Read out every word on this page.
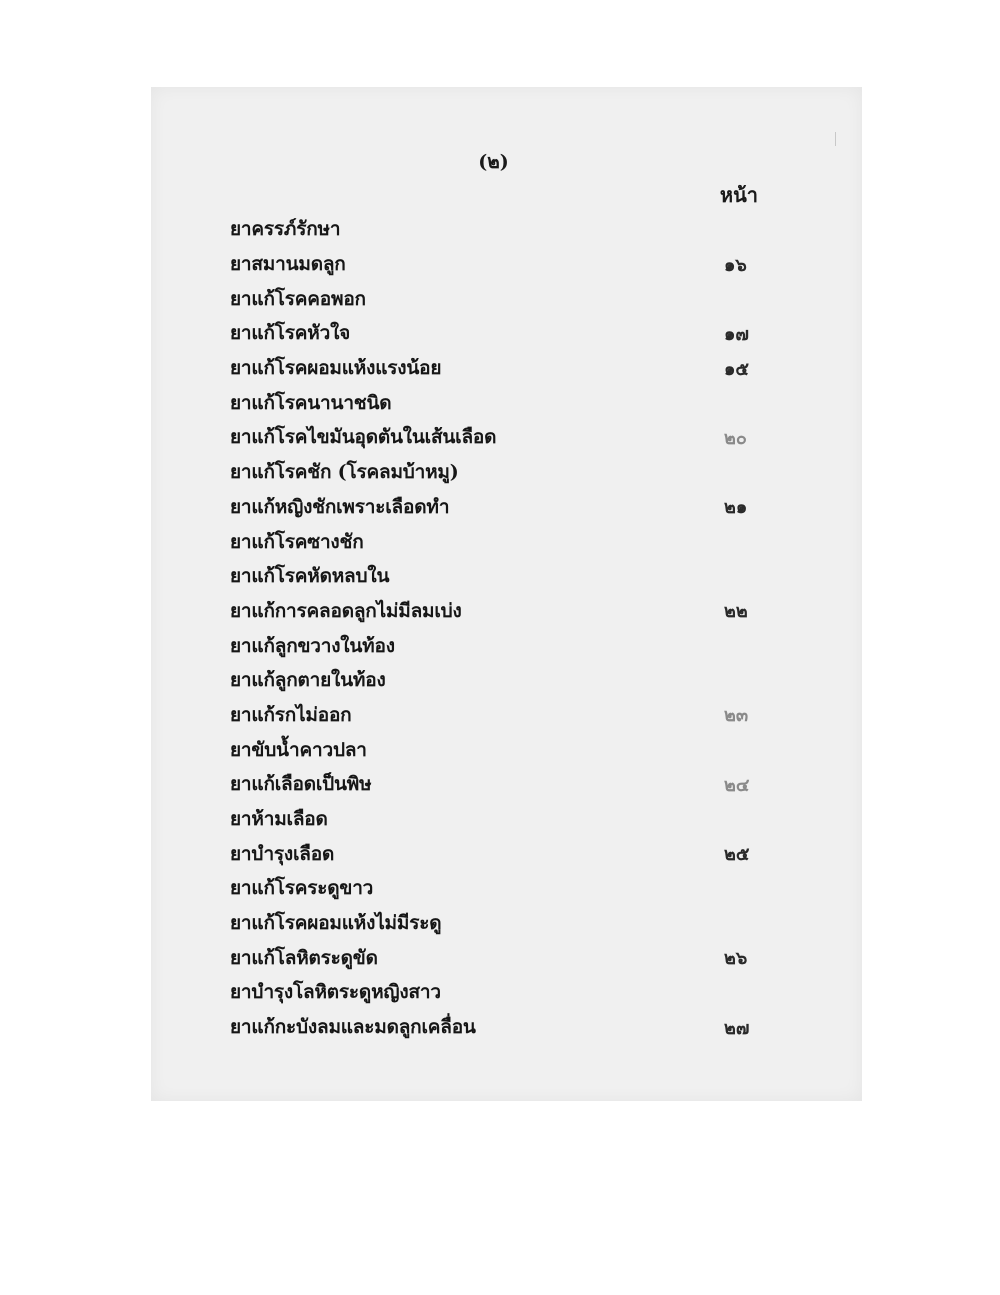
(๒)
หน้า
ยาครรภ์รักษา
ยาสมานมดลูก	๑๖
ยาแก้โรคคอพอก
ยาแก้โรคหัวใจ	๑๗
ยาแก้โรคผอมแห้งแรงน้อย	๑๕
ยาแก้โรคนานาชนิด
ยาแก้โรคไขมันอุดตันในเส้นเลือด	๒๐
ยาแก้โรคชัก (โรคลมบ้าหมู)
ยาแก้หญิงชักเพราะเลือดทำ	๒๑
ยาแก้โรคซางชัก
ยาแก้โรคหัดหลบใน
ยาแก้การคลอดลูกไม่มีลมเบ่ง	๒๒
ยาแก้ลูกขวางในท้อง
ยาแก้ลูกตายในท้อง
ยาแก้รกไม่ออก	๒๓
ยาขับน้ำคาวปลา
ยาแก้เลือดเป็นพิษ	๒๔
ยาห้ามเลือด
ยาบำรุงเลือด	๒๕
ยาแก้โรคระดูขาว
ยาแก้โรคผอมแห้งไม่มีระดู
ยาแก้โลหิตระดูขัด	๒๖
ยาบำรุงโลหิตระดูหญิงสาว
ยาแก้กะบังลมและมดลูกเคลื่อน	๒๗
